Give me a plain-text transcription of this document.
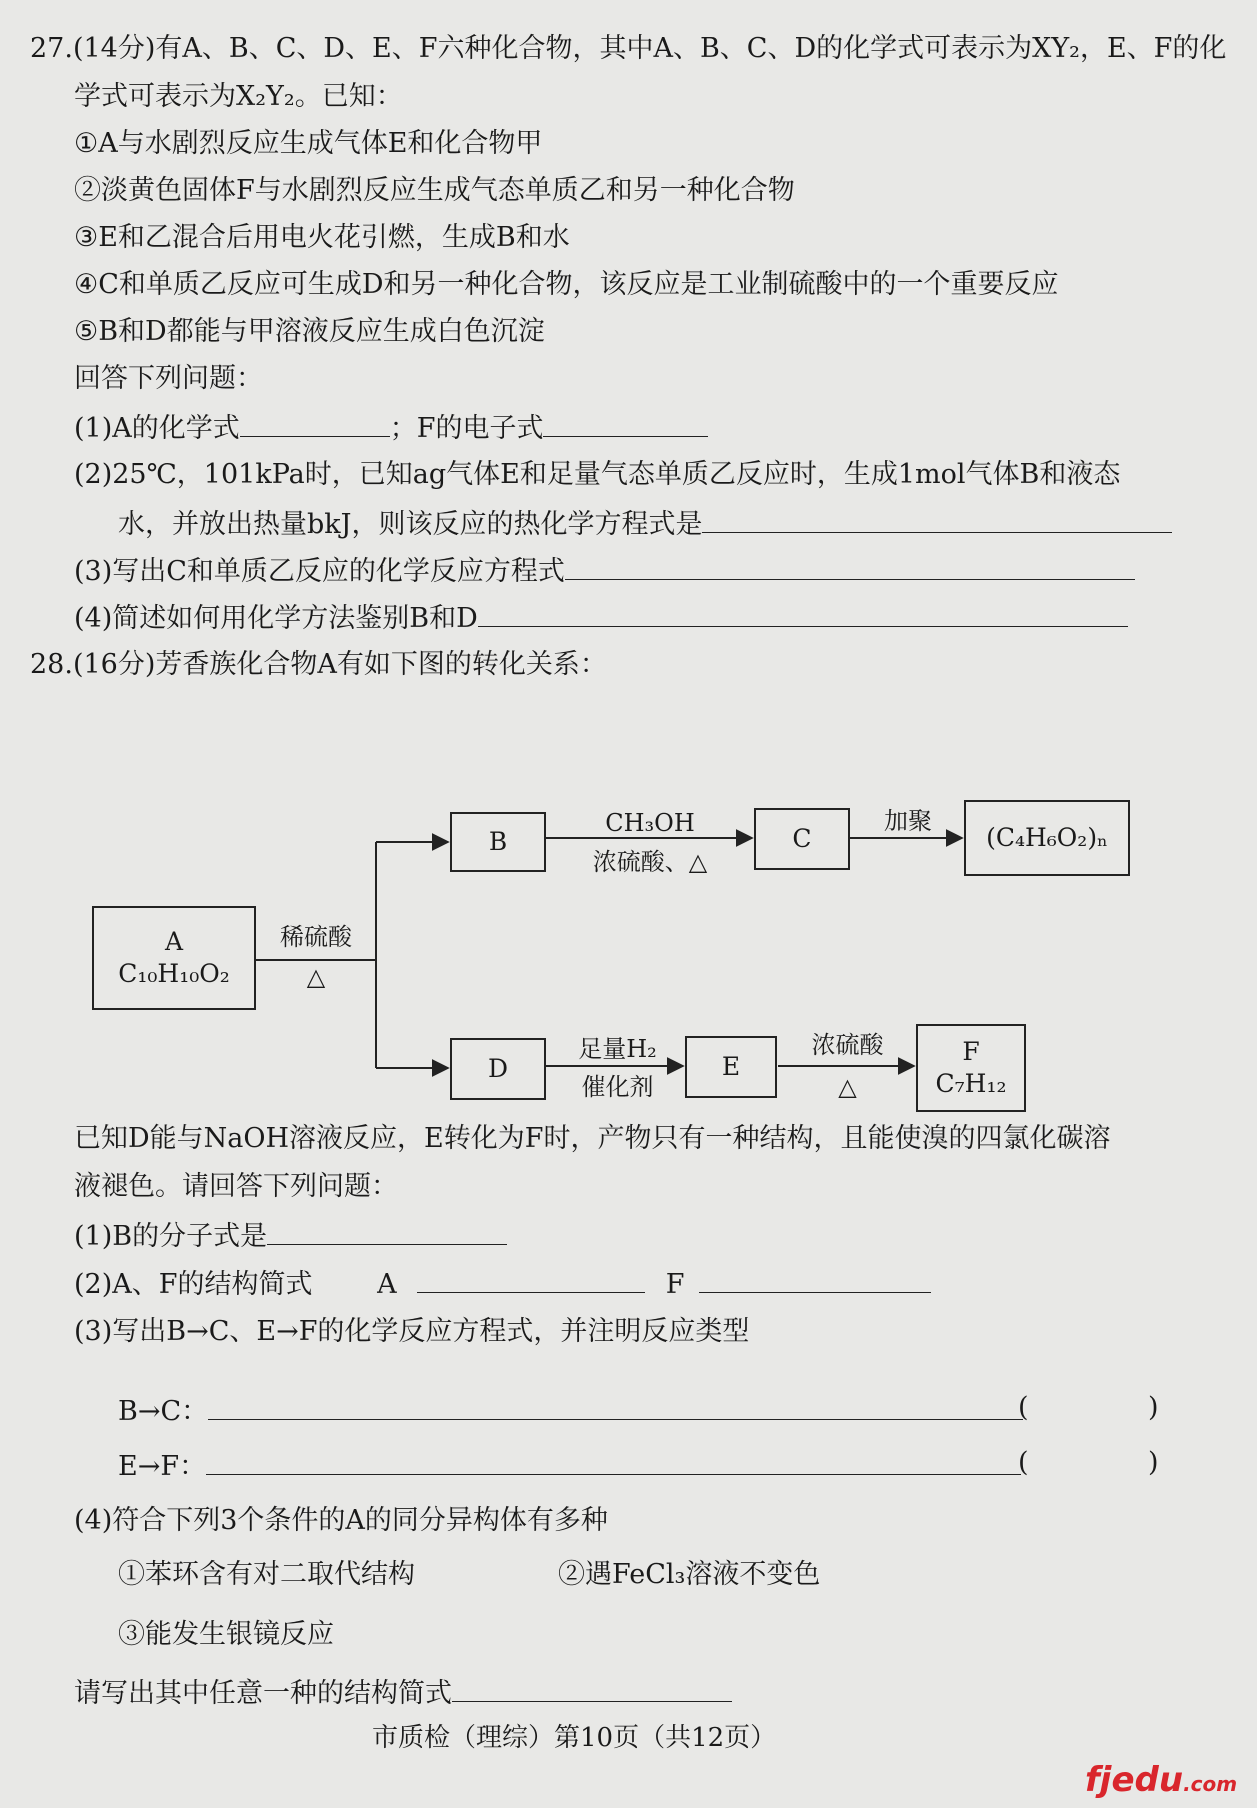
27.(14分)有A、B、C、D、E、F六种化合物，其中A、B、C、D的化学式可表示为XY₂，E、F的化
学式可表示为X₂Y₂。已知：
①A与水剧烈反应生成气体E和化合物甲
②淡黄色固体F与水剧烈反应生成气态单质乙和另一种化合物
③E和乙混合后用电火花引燃，生成B和水
④C和单质乙反应可生成D和另一种化合物，该反应是工业制硫酸中的一个重要反应
⑤B和D都能与甲溶液反应生成白色沉淀
回答下列问题：
(1)A的化学式	；F的电子式
(2)25℃，101kPa时，已知ag气体E和足量气态单质乙反应时，生成1mol气体B和液态
水，并放出热量bkJ，则该反应的热化学方程式是
(3)写出C和单质乙反应的化学反应方程式
(4)简述如何用化学方法鉴别B和D
28.(16分)芳香族化合物A有如下图的转化关系：
A
C₁₀H₁₀O₂
稀硫酸
△
B
CH₃OH
浓硫酸、△
C
加聚
(C₄H₆O₂)ₙ
D
足量H₂
催化剂
E
浓硫酸
△
F
C₇H₁₂
已知D能与NaOH溶液反应，E转化为F时，产物只有一种结构，且能使溴的四氯化碳溶
液褪色。请回答下列问题：
(1)B的分子式是
(2)A、F的结构简式 A	F
(3)写出B→C、E→F的化学反应方程式，并注明反应类型
B→C：	(	)
E→F：	(	)
(4)符合下列3个条件的A的同分异构体有多种
①苯环含有对二取代结构	②遇FeCl₃溶液不变色
③能发生银镜反应
请写出其中任意一种的结构简式
市质检（理综）第10页（共12页）
fjedu.com
